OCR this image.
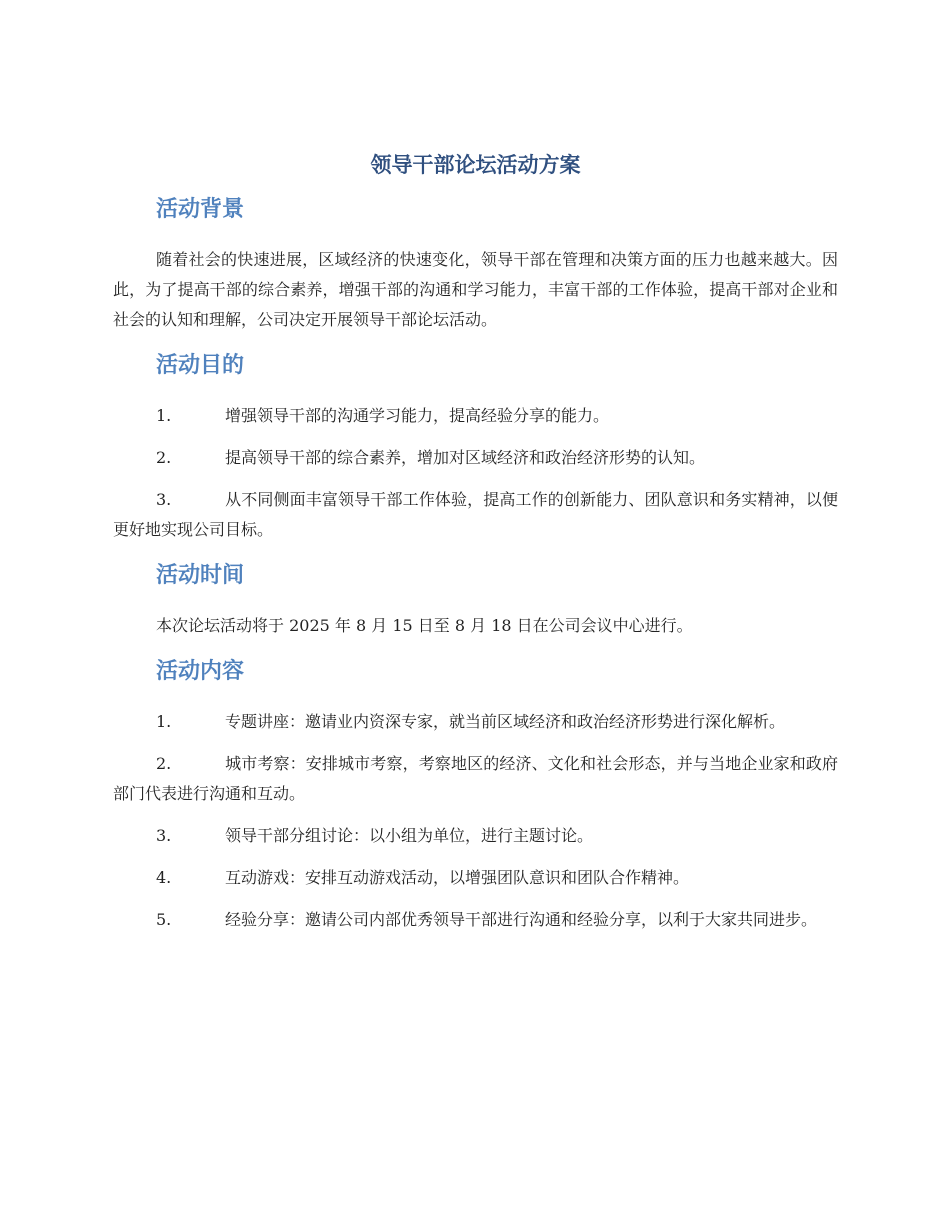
领导干部论坛活动方案
活动背景

随着社会的快速进展，区域经济的快速变化，领导干部在管理和决策方面的压力也越来越大。因此，为了提高干部的综合素养，增强干部的沟通和学习能力，丰富干部的工作体验，提高干部对企业和社会的认知和理解，公司决定开展领导干部论坛活动。

活动目的
1.	增强领导干部的沟通学习能力，提高经验分享的能力。
2.	提高领导干部的综合素养，增加对区域经济和政治经济形势的认知。
3.	从不同侧面丰富领导干部工作体验，提高工作的创新能力、团队意识和务实精神，以便更好地实现公司目标。
活动时间

本次论坛活动将于 2025 年 8 月 15 日至 8 月 18 日在公司会议中心进行。

活动内容
1.	专题讲座：邀请业内资深专家，就当前区域经济和政治经济形势进行深化解析。
2.	城市考察：安排城市考察，考察地区的经济、文化和社会形态，并与当地企业家和政府部门代表进行沟通和互动。
3.	领导干部分组讨论：以小组为单位，进行主题讨论。
4.	互动游戏：安排互动游戏活动，以增强团队意识和团队合作精神。
5.	经验分享：邀请公司内部优秀领导干部进行沟通和经验分享，以利于大家共同进步。
